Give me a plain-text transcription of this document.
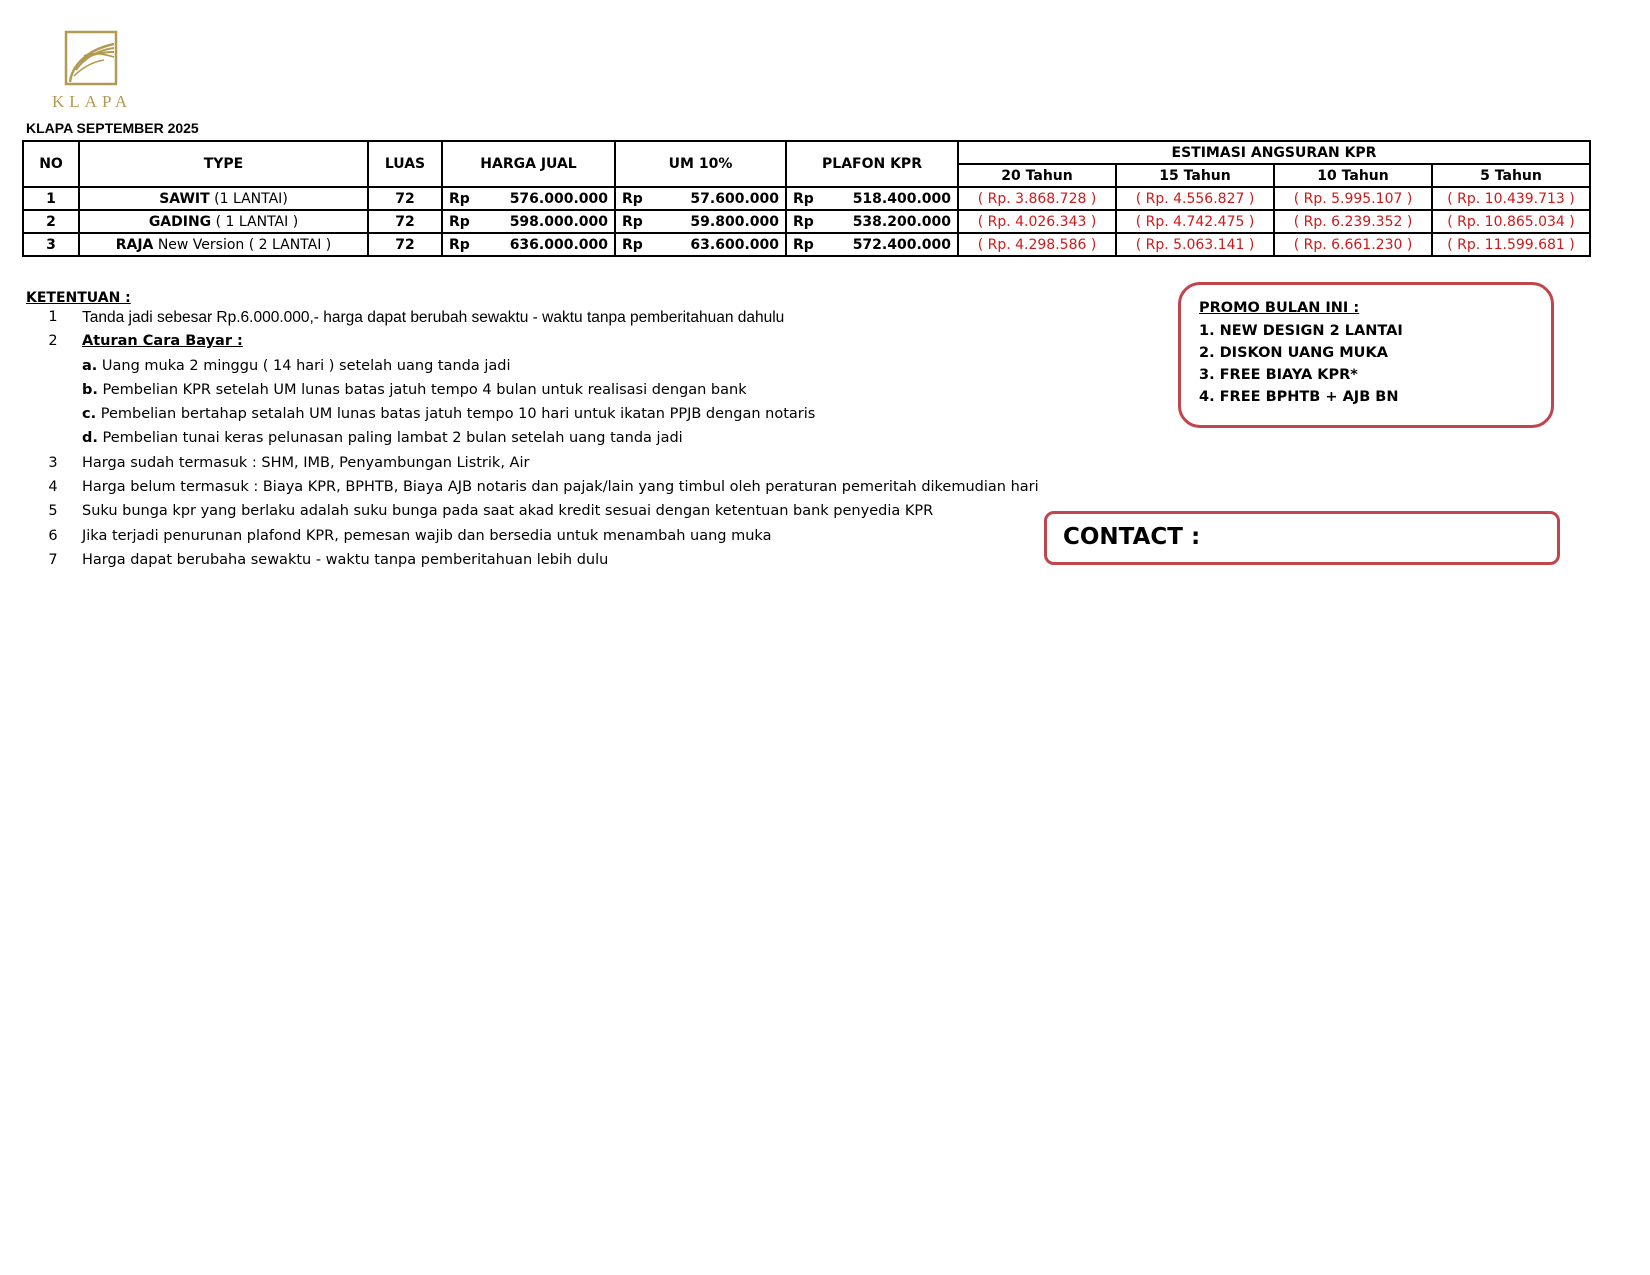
KLAPA
KLAPA SEPTEMBER 2025
NO	TYPE	LUAS	HARGA JUAL		UM 10%		PLAFON KPR		ESTIMASI ANGSURAN KPR			
									20 Tahun	15 Tahun	10 Tahun	5 Tahun
1	SAWIT (1 LANTAI)	72	Rp	576.000.000	Rp	57.600.000	Rp	518.400.000	( Rp. 3.868.728 )	( Rp. 4.556.827 )	( Rp. 5.995.107 )	( Rp. 10.439.713 )
2	GADING ( 1 LANTAI )	72	Rp	598.000.000	Rp	59.800.000	Rp	538.200.000	( Rp. 4.026.343 )	( Rp. 4.742.475 )	( Rp. 6.239.352 )	( Rp. 10.865.034 )
3	RAJA New Version ( 2 LANTAI )	72	Rp	636.000.000	Rp	63.600.000	Rp	572.400.000	( Rp. 4.298.586 )	( Rp. 5.063.141 )	( Rp. 6.661.230 )	( Rp. 11.599.681 )
KETENTUAN :
1 Tanda jadi sebesar Rp.6.000.000,- harga dapat berubah sewaktu - waktu tanpa pemberitahuan dahulu
2 Aturan Cara Bayar :
a. Uang muka 2 minggu ( 14 hari ) setelah uang tanda jadi
b. Pembelian KPR setelah UM lunas batas jatuh tempo 4 bulan untuk realisasi dengan bank
c. Pembelian bertahap setalah UM lunas batas jatuh tempo 10 hari untuk ikatan PPJB dengan notaris
d. Pembelian tunai keras pelunasan paling lambat 2 bulan setelah uang tanda jadi
3 Harga sudah termasuk : SHM, IMB, Penyambungan Listrik, Air
4 Harga belum termasuk : Biaya KPR, BPHTB, Biaya AJB notaris dan pajak/lain yang timbul oleh peraturan pemeritah dikemudian hari
5 Suku bunga kpr yang berlaku adalah suku bunga pada saat akad kredit sesuai dengan ketentuan bank penyedia KPR
6 Jika terjadi penurunan plafond KPR, pemesan wajib dan bersedia untuk menambah uang muka
7 Harga dapat berubaha sewaktu - waktu tanpa pemberitahuan lebih dulu
PROMO BULAN INI :
1. NEW DESIGN 2 LANTAI
2. DISKON UANG MUKA
3. FREE BIAYA KPR*
4. FREE BPHTB + AJB BN
CONTACT :
